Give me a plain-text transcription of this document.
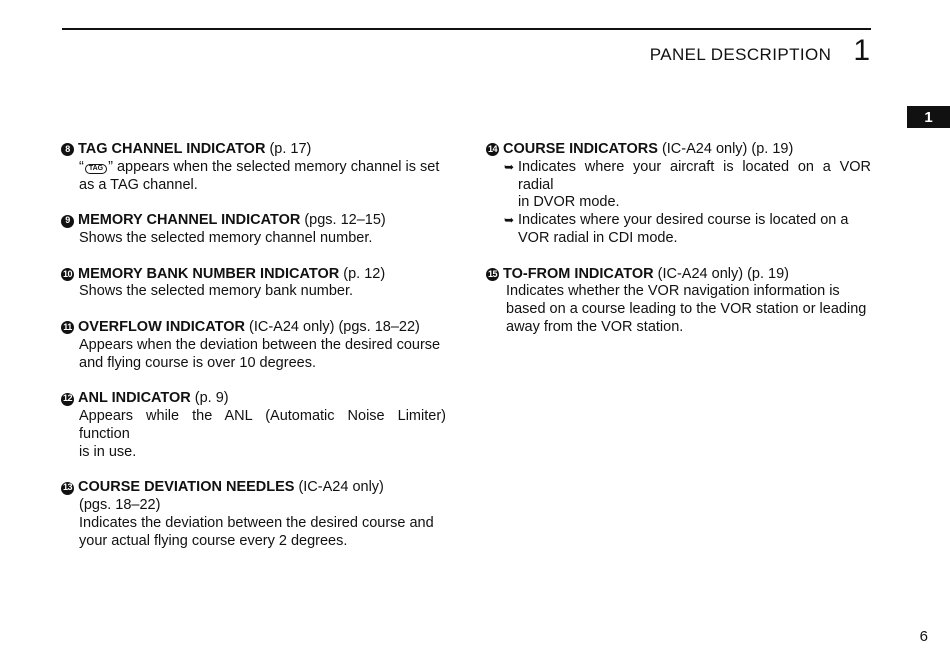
PANEL DESCRIPTION 1
1
8 TAG CHANNEL INDICATOR (p. 17)
“ TAG ” appears when the selected memory channel is set
as a TAG channel.
9 MEMORY CHANNEL INDICATOR (pgs. 12–15)
Shows the selected memory channel number.
10 MEMORY BANK NUMBER INDICATOR (p. 12)
Shows the selected memory bank number.
11 OVERFLOW INDICATOR (IC-A24 only) (pgs. 18–22)
Appears when the deviation between the desired course
and flying course is over 10 degrees.
12 ANL INDICATOR (p. 9)
Appears while the ANL (Automatic Noise Limiter) function
is in use.
13 COURSE DEVIATION NEEDLES (IC-A24 only)
(pgs. 18–22)
Indicates the deviation between the desired course and
your actual flying course every 2 degrees.
14 COURSE INDICATORS (IC-A24 only) (p. 19)
➥ Indicates where your aircraft is located on a VOR radial
in DVOR mode.
➥ Indicates where your desired course is located on a
VOR radial in CDI mode.
15 TO-FROM INDICATOR (IC-A24 only) (p. 19)
Indicates whether the VOR navigation information is
based on a course leading to the VOR station or leading
away from the VOR station.
6
